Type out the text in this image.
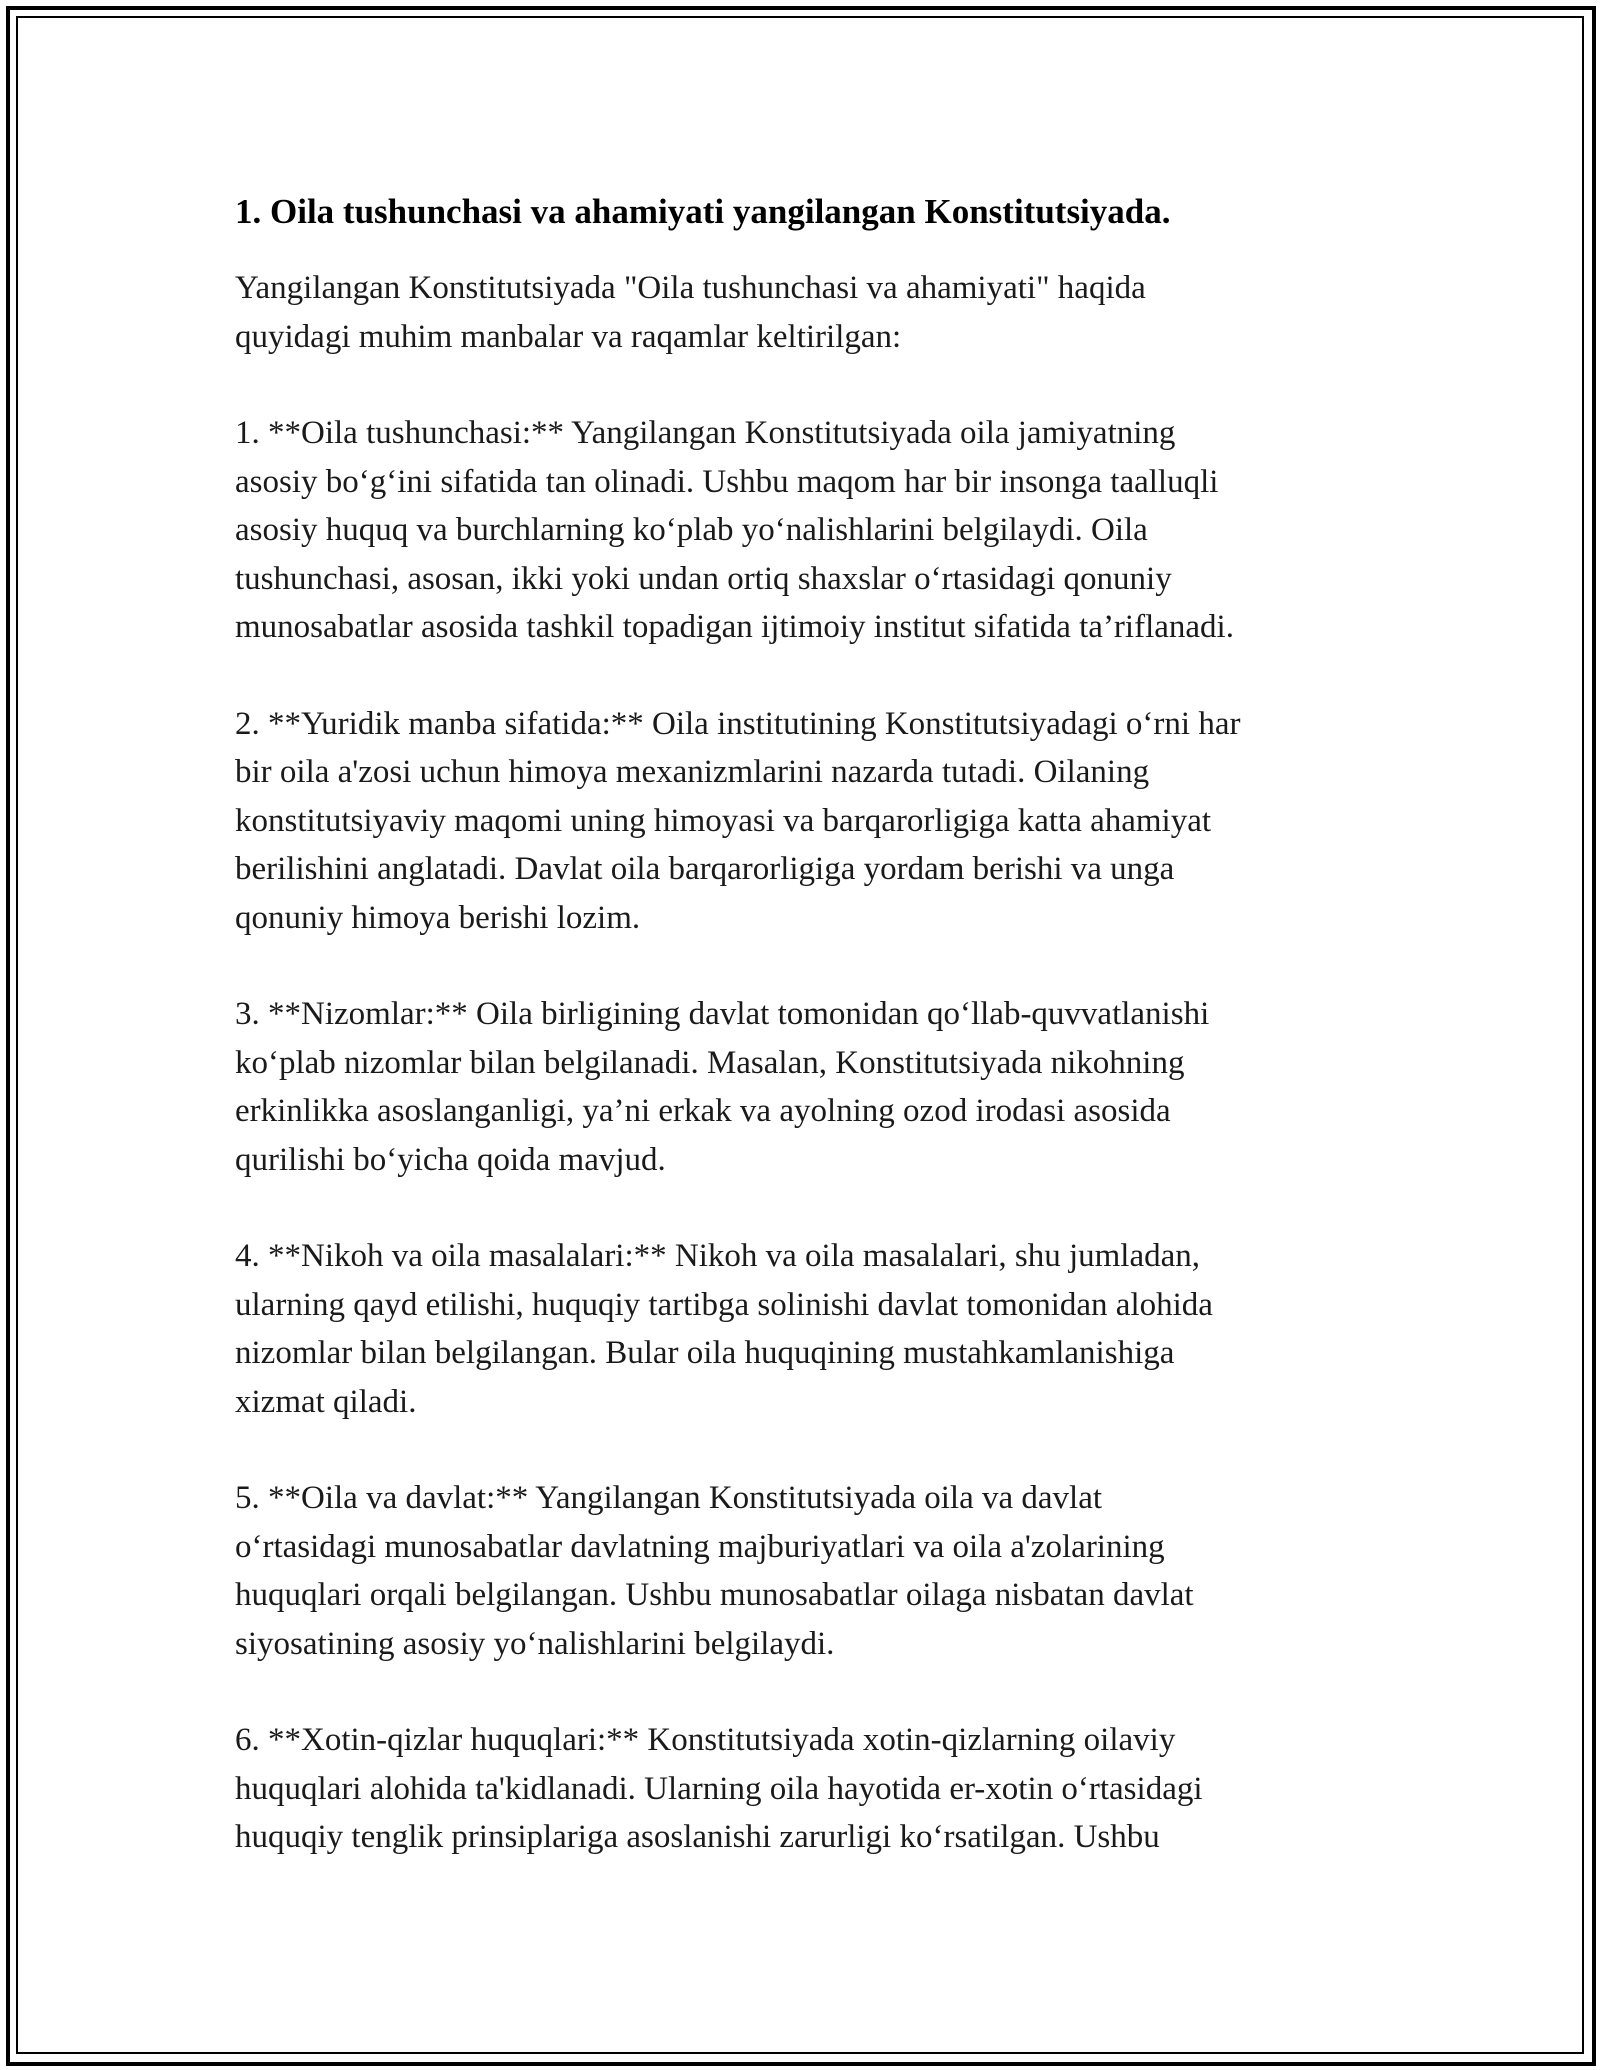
1. Oila tushunchasi va ahamiyati yangilangan Konstitutsiyada.

Yangilangan Konstitutsiyada "Oila tushunchasi va ahamiyati" haqida
quyidagi muhim manbalar va raqamlar keltirilgan:

1. **Oila tushunchasi:** Yangilangan Konstitutsiyada oila jamiyatning
asosiy bo‘g‘ini sifatida tan olinadi. Ushbu maqom har bir insonga taalluqli
asosiy huquq va burchlarning ko‘plab yo‘nalishlarini belgilaydi. Oila
tushunchasi, asosan, ikki yoki undan ortiq shaxslar o‘rtasidagi qonuniy
munosabatlar asosida tashkil topadigan ijtimoiy institut sifatida ta’riflanadi.

2. **Yuridik manba sifatida:** Oila institutining Konstitutsiyadagi o‘rni har
bir oila a'zosi uchun himoya mexanizmlarini nazarda tutadi. Oilaning
konstitutsiyaviy maqomi uning himoyasi va barqarorligiga katta ahamiyat
berilishini anglatadi. Davlat oila barqarorligiga yordam berishi va unga
qonuniy himoya berishi lozim.

3. **Nizomlar:** Oila birligining davlat tomonidan qo‘llab-quvvatlanishi
ko‘plab nizomlar bilan belgilanadi. Masalan, Konstitutsiyada nikohning
erkinlikka asoslanganligi, ya’ni erkak va ayolning ozod irodasi asosida
qurilishi bo‘yicha qoida mavjud.

4. **Nikoh va oila masalalari:** Nikoh va oila masalalari, shu jumladan,
ularning qayd etilishi, huquqiy tartibga solinishi davlat tomonidan alohida
nizomlar bilan belgilangan. Bular oila huquqining mustahkamlanishiga
xizmat qiladi.

5. **Oila va davlat:** Yangilangan Konstitutsiyada oila va davlat
o‘rtasidagi munosabatlar davlatning majburiyatlari va oila a'zolarining
huquqlari orqali belgilangan. Ushbu munosabatlar oilaga nisbatan davlat
siyosatining asosiy yo‘nalishlarini belgilaydi.

6. **Xotin-qizlar huquqlari:** Konstitutsiyada xotin-qizlarning oilaviy
huquqlari alohida ta'kidlanadi. Ularning oila hayotida er-xotin o‘rtasidagi
huquqiy tenglik prinsiplariga asoslanishi zarurligi ko‘rsatilgan. Ushbu
